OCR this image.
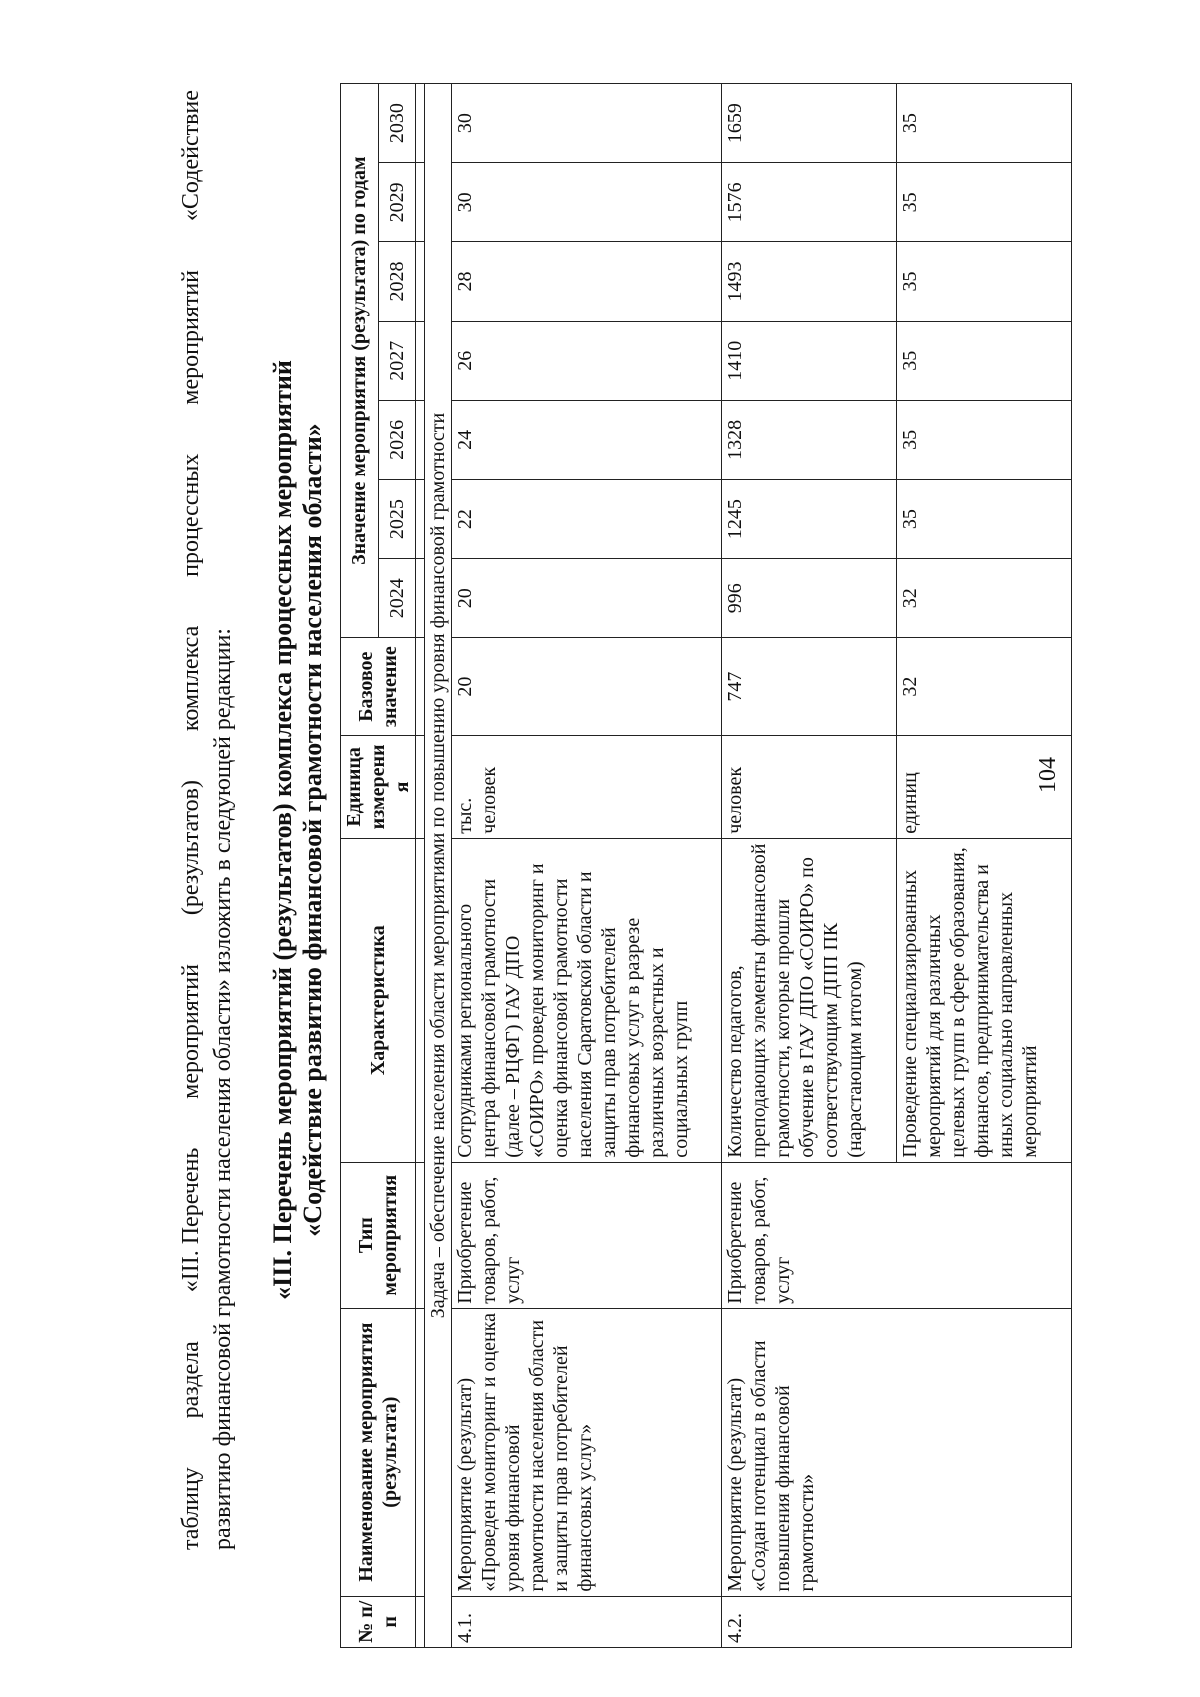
таблицу
раздела
«III. Перечень
мероприятий
(результатов)
комплекса
процессных
мероприятий
«Содействие
развитию финансовой грамотности населения области» изложить в следующей редакции: «III. Перечень мероприятий (результатов) комплекса процессных мероприятий «Содействие развитию финансовой грамотности населения области»
№ п/п	Наименование мероприятия (результата)	Тип мероприятия	Характеристика	Единица измерения	Базовое значение	Значение мероприятия (результата) по годам						
						2024	2025	2026	2027	2028	2029	2030

Задача – обеспечение населения области мероприятиями по повышению уровня финансовой грамотности												
4.1.	Мероприятие (результат) «Проведен мониторинг и оценка уровня финансовой грамотности населения области и защиты прав потребителей финансовых услуг»	Приобретение товаров, работ, услуг	Сотрудниками регионального центра финансовой грамотности (далее – РЦФГ) ГАУ ДПО «СОИРО» проведен мониторинг и оценка финансовой грамотности населения Саратовской области и защиты прав потребителей финансовых услуг в разрезе различных возрастных и социальных групп	тыс. человек	20	20	22	24	26	28	30	30
4.2.	Мероприятие (результат) «Создан потенциал в области повышения финансовой грамотности»	Приобретение товаров, работ, услуг	Количество педагогов, преподающих элементы финансовой грамотности, которые прошли обучение в ГАУ ДПО «СОИРО» по соответствующим ДПП ПК (нарастающим итогом)	человек	747	996	1245	1328	1410	1493	1576	1659
			Проведение специализированных мероприятий для различных целевых групп в сфере образования, финансов, предпринимательства и иных социально направленных мероприятий	единиц	32	32	35	35	35	35	35	35
104
